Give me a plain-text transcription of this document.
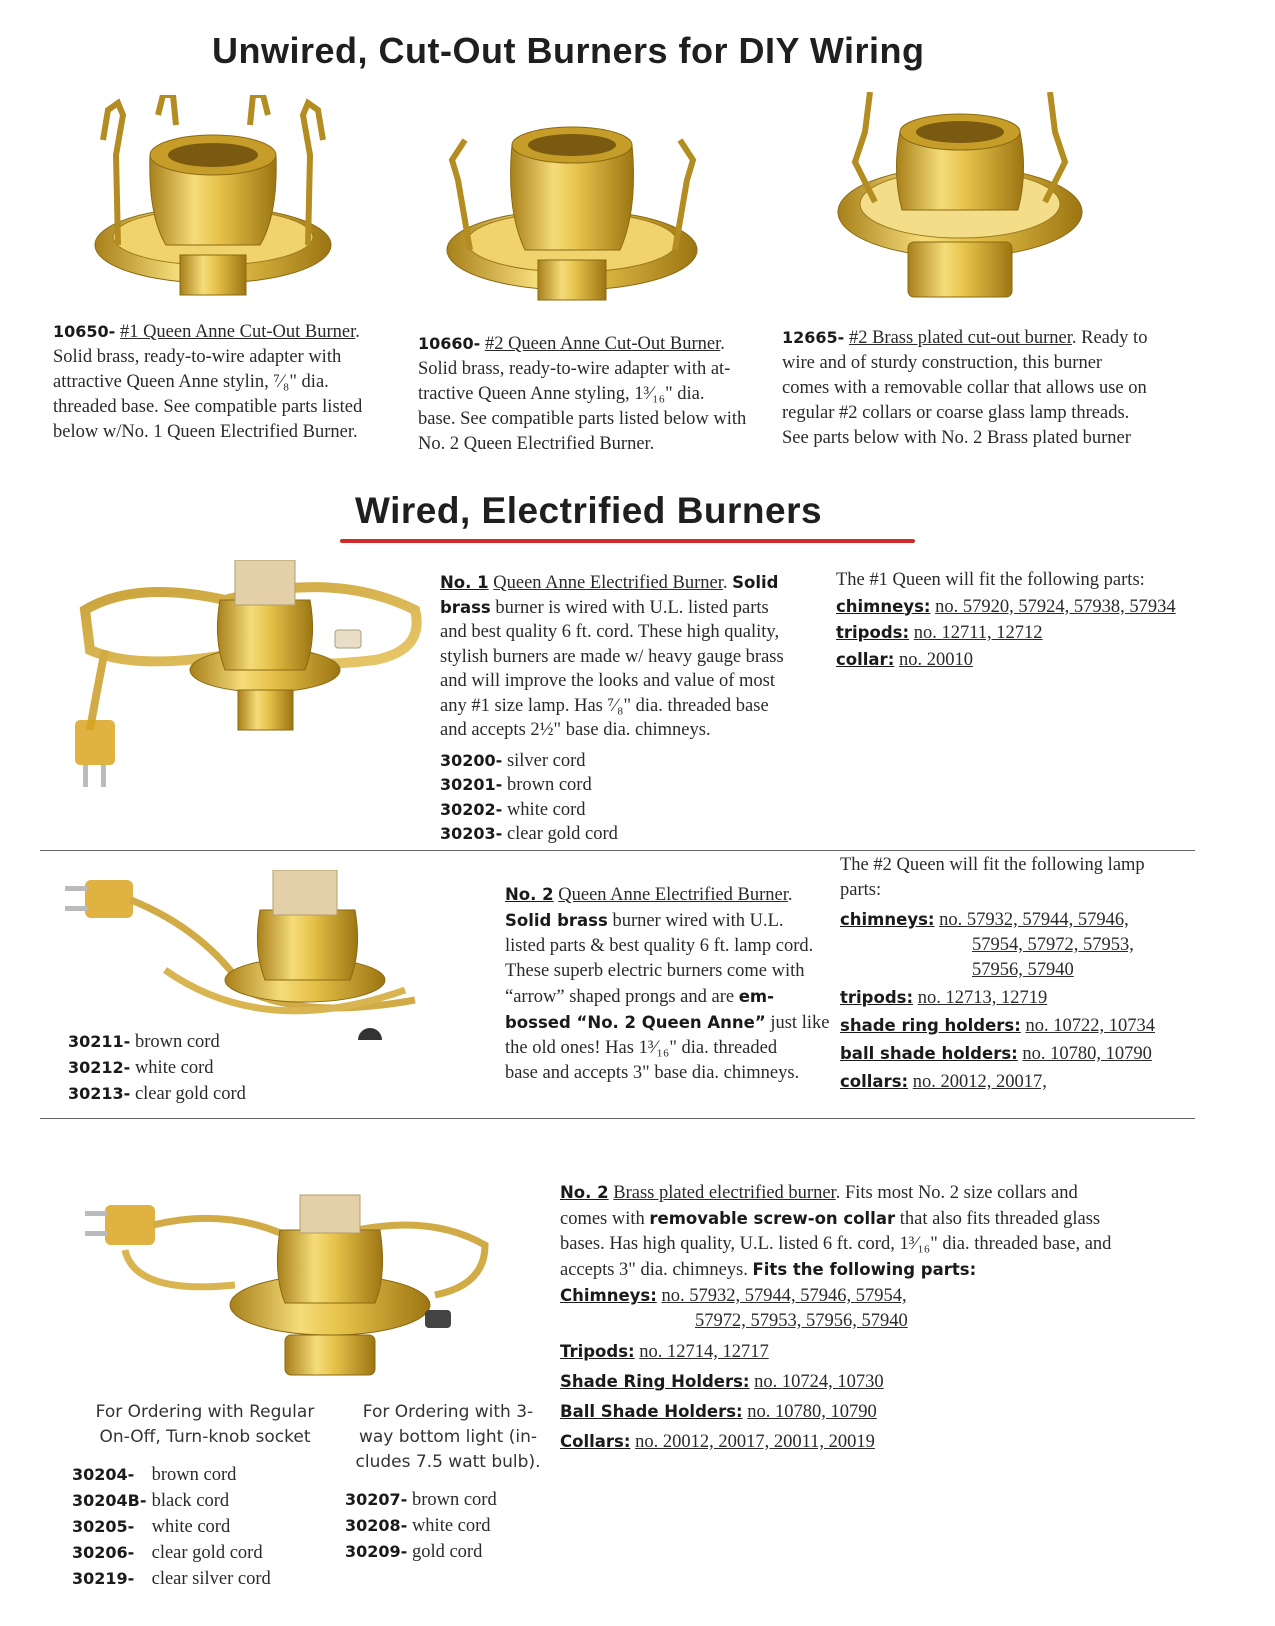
Unwired, Cut-Out Burners for DIY Wiring
Wired, Electrified Burners
10650- #1 Queen Anne Cut-Out Burner.
Solid brass, ready-to-wire adapter with
attractive Queen Anne stylin, ⁷⁄₈" dia.
threaded base. See compatible parts listed
below w/No. 1 Queen Electrified Burner.
10660- #2 Queen Anne Cut-Out Burner.
Solid brass, ready-to-wire adapter with at-
tractive Queen Anne styling, 1³⁄₁₆" dia.
base. See compatible parts listed below with
No. 2 Queen Electrified Burner.
12665- #2 Brass plated cut-out burner. Ready to
wire and of sturdy construction, this burner
comes with a removable collar that allows use on
regular #2 collars or coarse glass lamp threads.
See parts below with No. 2 Brass plated burner
No. 1 Queen Anne Electrified Burner. Solid
brass burner is wired with U.L. listed parts
and best quality 6 ft. cord. These high quality,
stylish burners are made w/ heavy gauge brass
and will improve the looks and value of most
any #1 size lamp. Has ⁷⁄₈" dia. threaded base
and accepts 2½" base dia. chimneys.
30200- silver cord
30201- brown cord
30202- white cord
30203- clear gold cord
The #1 Queen will fit the following parts:
chimneys: no. 57920, 57924, 57938, 57934
tripods: no. 12711, 12712
collar: no. 20010
30211- brown cord
30212- white cord
30213- clear gold cord
No. 2 Queen Anne Electrified Burner.
Solid brass burner wired with U.L.
listed parts & best quality 6 ft. lamp cord.
These superb electric burners come with
“arrow” shaped prongs and are em-
bossed “No. 2 Queen Anne” just like
the old ones! Has 1³⁄₁₆" dia. threaded
base and accepts 3" base dia. chimneys.
The #2 Queen will fit the following lamp
parts:
chimneys: no. 57932, 57944, 57946,
57954, 57972, 57953,
57956, 57940
tripods: no. 12713, 12719
shade ring holders: no. 10722, 10734
ball shade holders: no. 10780, 10790
collars: no. 20012, 20017,
No. 2 Brass plated electrified burner. Fits most No. 2 size collars and
comes with removable screw-on collar that also fits threaded glass
bases. Has high quality, U.L. listed 6 ft. cord, 1³⁄₁₆" dia. threaded base, and
accepts 3" dia. chimneys. Fits the following parts:
Chimneys: no. 57932, 57944, 57946, 57954,
57972, 57953, 57956, 57940
Tripods: no. 12714, 12717
Shade Ring Holders: no. 10724, 10730
Ball Shade Holders: no. 10780, 10790
Collars: no. 20012, 20017, 20011, 20019
For Ordering with Regular
On-Off, Turn-knob socket
30204- brown cord
30204B- black cord
30205- white cord
30206- clear gold cord
30219- clear silver cord
For Ordering with 3-
way bottom light (in-
cludes 7.5 watt bulb).
30207- brown cord
30208- white cord
30209- gold cord
